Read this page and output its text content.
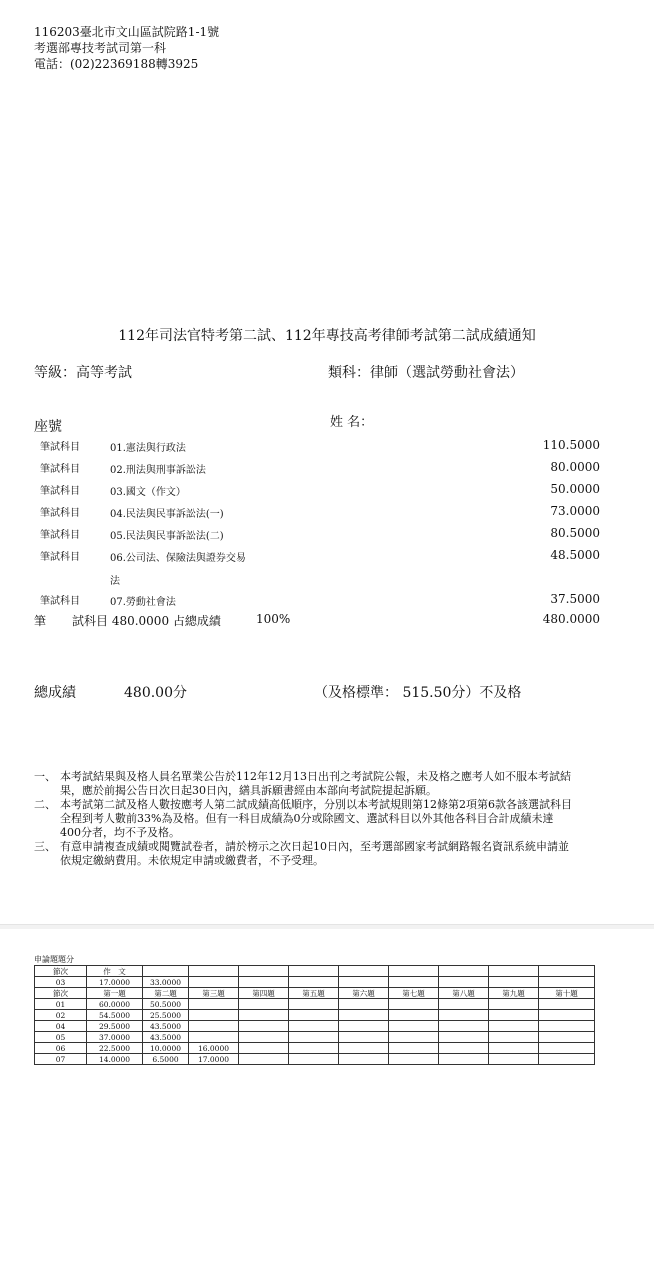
116203臺北市文山區試院路1-1號
考選部專技考試司第一科
電話：(02)22369188轉3925
112年司法官特考第二試、112年專技高考律師考試第二試成績通知
等級：高等考試	類科：律師（選試勞動社會法）
座號	姓 名：
筆試科目	01.憲法與行政法	110.5000
筆試科目	02.刑法與刑事訴訟法	80.0000
筆試科目	03.國文（作文）	50.0000
筆試科目	04.民法與民事訴訟法(一)	73.0000
筆試科目	05.民法與民事訴訟法(二)	80.5000
筆試科目	06.公司法、保險法與證券交易	48.5000
法
筆試科目	07.勞動社會法	37.5000
筆 試科目 480.0000 占總成績	100%	480.0000
總成績	480.00分	（及格標準： 515.50分）不及格
一、 本考試結果與及格人員名單業公告於112年12月13日出刊之考試院公報，未及格之應考人如不服本考試結果，應於前揭公告日次日起30日內，繕具訴願書經由本部向考試院提起訴願。
二、 本考試第二試及格人數按應考人第二試成績高低順序，分別以本考試規則第12條第2項第6款各該選試科目全程到考人數前33%為及格。但有一科目成績為0分或除國文、選試科目以外其他各科目合計成績未達400分者，均不予及格。
三、 有意申請複查成績或閱覽試卷者，請於榜示之次日起10日內，至考選部國家考試網路報名資訊系統申請並依規定繳納費用。未依規定申請或繳費者，不予受理。
申論題題分
節次	作　文									
03	17.0000	33.0000								
節次	第一題	第二題	第三題	第四題	第五題	第六題	第七題	第八題	第九題	第十題
01	60.0000	50.5000								
02	54.5000	25.5000								
04	29.5000	43.5000								
05	37.0000	43.5000								
06	22.5000	10.0000	16.0000							
07	14.0000	6.5000	17.0000							
